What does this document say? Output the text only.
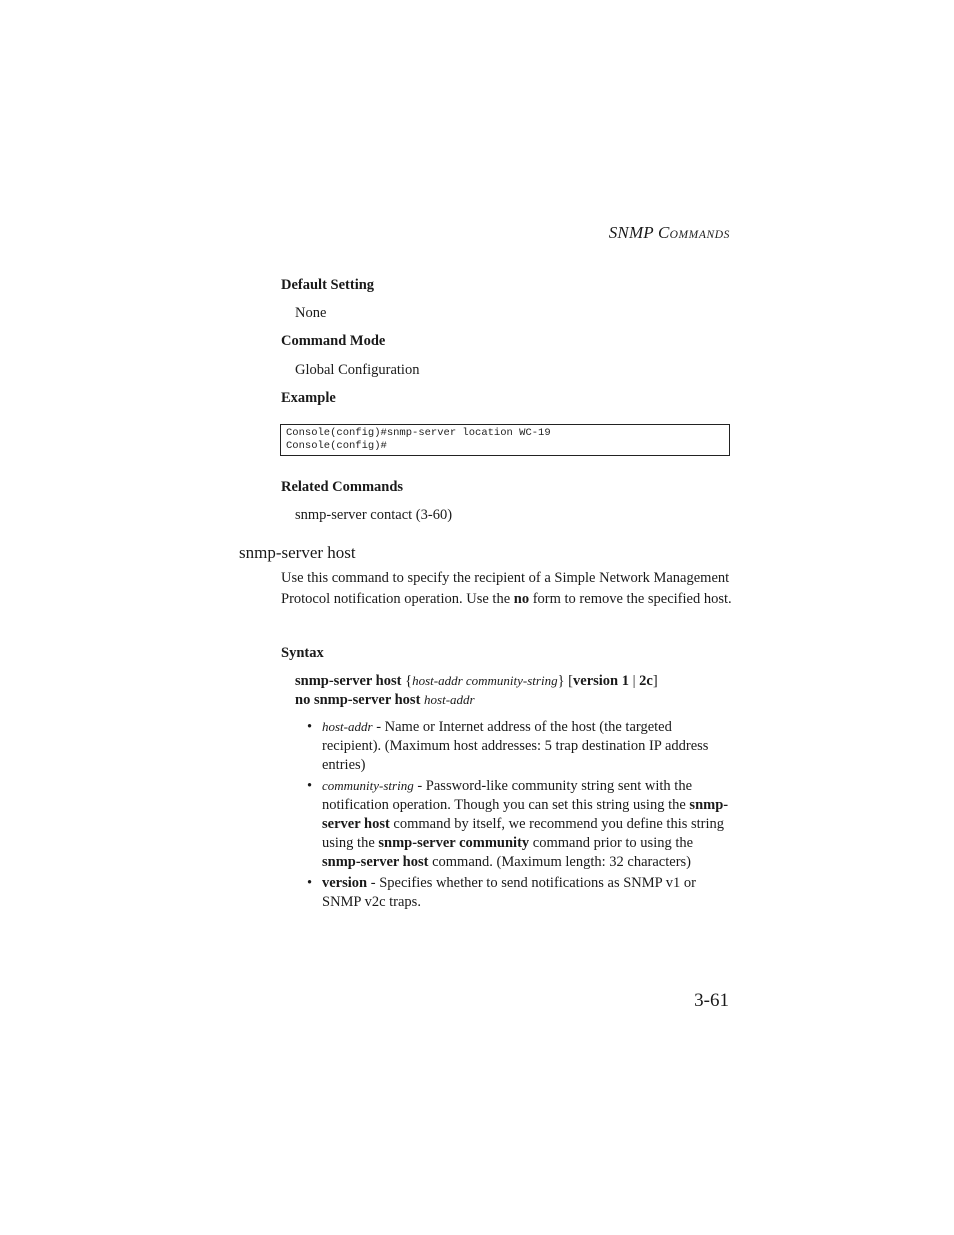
SNMP COMMANDS
Default Setting
None
Command Mode
Global Configuration
Example
Console(config)#snmp-server location WC-19
Console(config)#
Related Commands
snmp-server contact (3-60)
snmp-server host
Use this command to specify the recipient of a Simple Network Management Protocol notification operation. Use the no form to remove the specified host.
Syntax
snmp-server host {host-addr community-string} [version 1 | 2c]
no snmp-server host host-addr
• host-addr - Name or Internet address of the host (the targeted recipient). (Maximum host addresses: 5 trap destination IP address entries)
• community-string - Password-like community string sent with the notification operation. Though you can set this string using the snmp-server host command by itself, we recommend you define this string using the snmp-server community command prior to using the snmp-server host command. (Maximum length: 32 characters)
• version - Specifies whether to send notifications as SNMP v1 or SNMP v2c traps.
3-61
